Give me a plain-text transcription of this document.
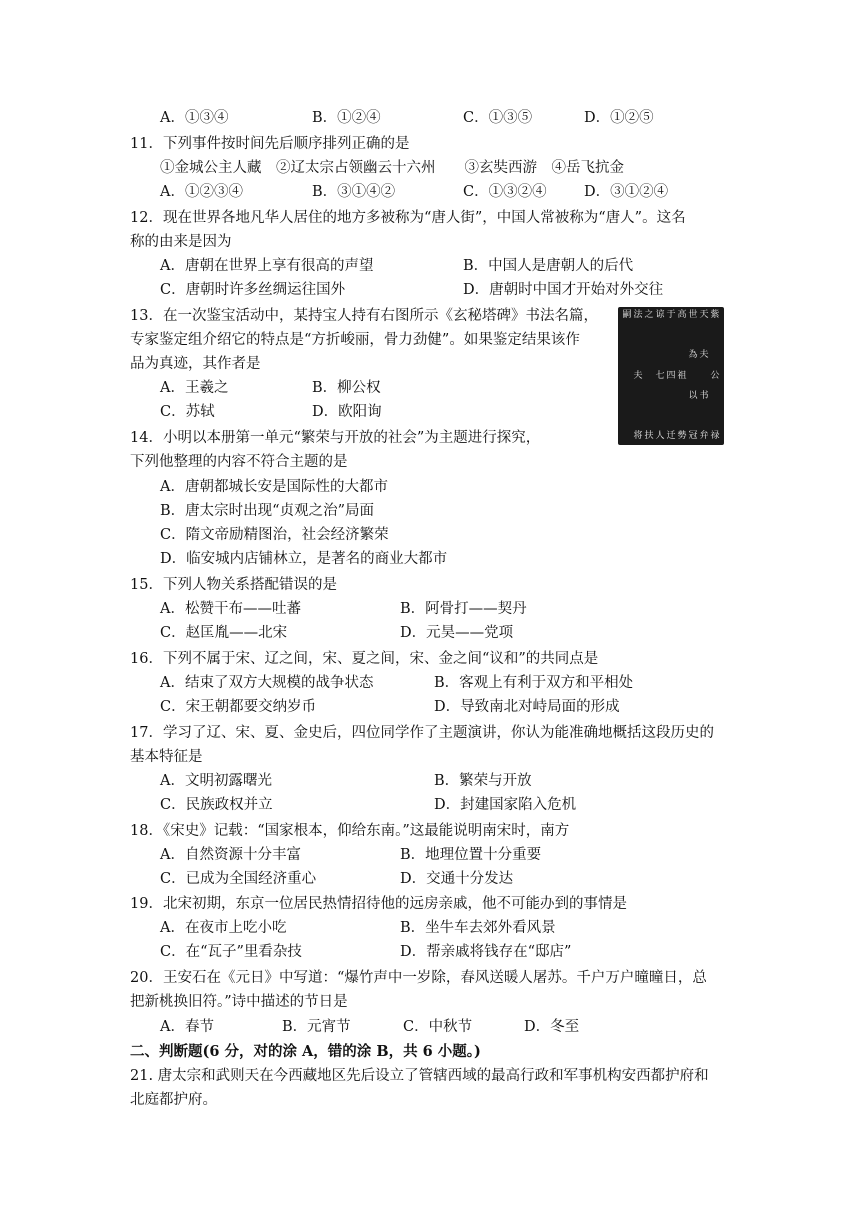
A．①③④	B．①②④	C．①③⑤	D．①②⑤
11．下列事件按时间先后顺序排列正确的是
①金城公主人藏　②辽太宗占领幽云十六州　　③玄奘西游　④岳飞抗金
A．①②③④	B．③①④②	C．①③②④	D．③①②④
12．现在世界各地凡华人居住的地方多被称为“唐人街”，中国人常被称为“唐人”。这名
称的由来是因为
A．唐朝在世界上享有很高的声望	B．中国人是唐朝人的后代
C．唐朝时许多丝绸运往国外	D．唐朝时中国才开始对外交往
13．在一次鉴宝活动中，某持宝人持有右图所示《玄秘塔碑》书法名篇，
专家鉴定组介绍它的特点是“方折峻丽，骨力劲健”。如果鉴定结果该作
品为真迹，其作者是
A．王羲之	B．柳公权
C．苏轼	D．欧阳询
紫
公
禄
天
夫
书
弁
世
為
以
冠
高
祖
勢
于
四
迁
谅
七
人
之
扶
法
夫
将
嗣
14．小明以本册第一单元“繁荣与开放的社会”为主题进行探究，
下列他整理的内容不符合主题的是
A．唐朝都城长安是国际性的大都市
B．唐太宗时出现“贞观之治”局面
C．隋文帝励精图治，社会经济繁荣
D．临安城内店铺林立，是著名的商业大都市
15．下列人物关系搭配错误的是
A．松赞干布——吐蕃	B．阿骨打——契丹
C．赵匡胤——北宋	D．元昊——党项
16．下列不属于宋、辽之间，宋、夏之间，宋、金之间“议和”的共同点是
A．结束了双方大规模的战争状态	B．客观上有利于双方和平相处
C．宋王朝都要交纳岁币	D．导致南北对峙局面的形成
17．学习了辽、宋、夏、金史后，四位同学作了主题演讲，你认为能准确地概括这段历史的
基本特征是
A．文明初露曙光	B．繁荣与开放
C．民族政权并立	D．封建国家陷入危机
18．《宋史》记载：“国家根本，仰给东南。”这最能说明南宋时，南方
A．自然资源十分丰富	B．地理位置十分重要
C．已成为全国经济重心	D．交通十分发达
19．北宋初期，东京一位居民热情招待他的远房亲戚，他不可能办到的事情是
A．在夜市上吃小吃	B．坐牛车去郊外看风景
C．在“瓦子”里看杂技	D．帮亲戚将钱存在“邸店”
20．王安石在《元日》中写道：“爆竹声中一岁除，春风送暖人屠苏。千户万户曈曈日，总
把新桃换旧符。”诗中描述的节日是
A．春节	B．元宵节	C．中秋节	D．冬至
二、判断题(6 分，对的涂 A，错的涂 B，共 6 小题。)
21. 唐太宗和武则天在今西藏地区先后设立了管辖西域的最高行政和军事机构安西都护府和
北庭都护府。
